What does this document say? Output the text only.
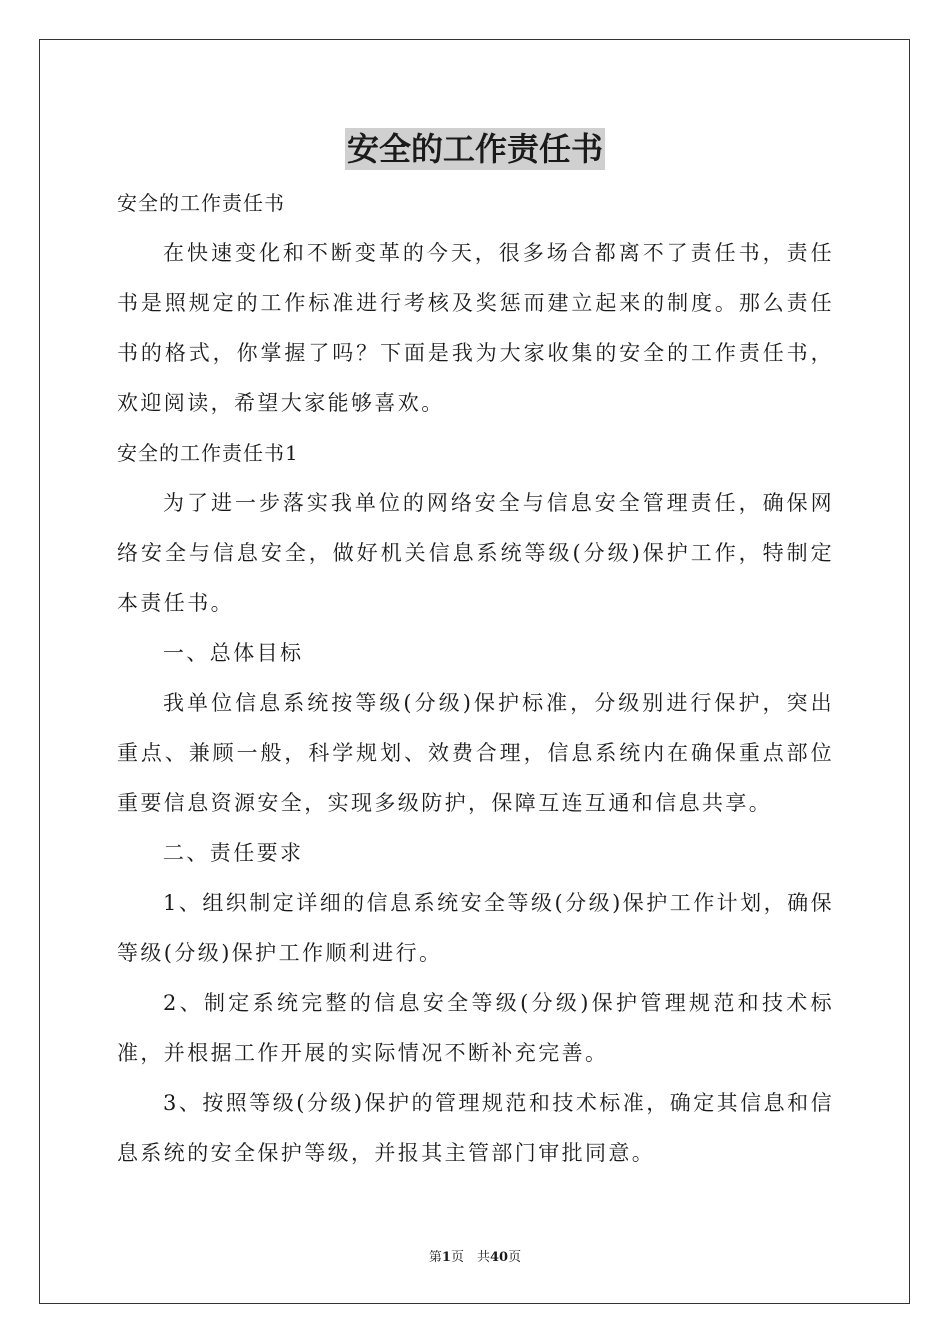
安全的工作责任书

安全的工作责任书

在快速变化和不断变革的今天，很多场合都离不了责任书，责任书是照规定的工作标准进行考核及奖惩而建立起来的制度。那么责任书的格式，你掌握了吗？下面是我为大家收集的安全的工作责任书，欢迎阅读，希望大家能够喜欢。

安全的工作责任书1

为了进一步落实我单位的网络安全与信息安全管理责任，确保网络安全与信息安全，做好机关信息系统等级(分级)保护工作，特制定本责任书。

一、总体目标

我单位信息系统按等级(分级)保护标准，分级别进行保护，突出重点、兼顾一般，科学规划、效费合理，信息系统内在确保重点部位重要信息资源安全，实现多级防护，保障互连互通和信息共享。

二、责任要求

1、组织制定详细的信息系统安全等级(分级)保护工作计划，确保等级(分级)保护工作顺利进行。

2、制定系统完整的信息安全等级(分级)保护管理规范和技术标准，并根据工作开展的实际情况不断补充完善。

3、按照等级(分级)保护的管理规范和技术标准，确定其信息和信息系统的安全保护等级，并报其主管部门审批同意。

第1页　共40页
